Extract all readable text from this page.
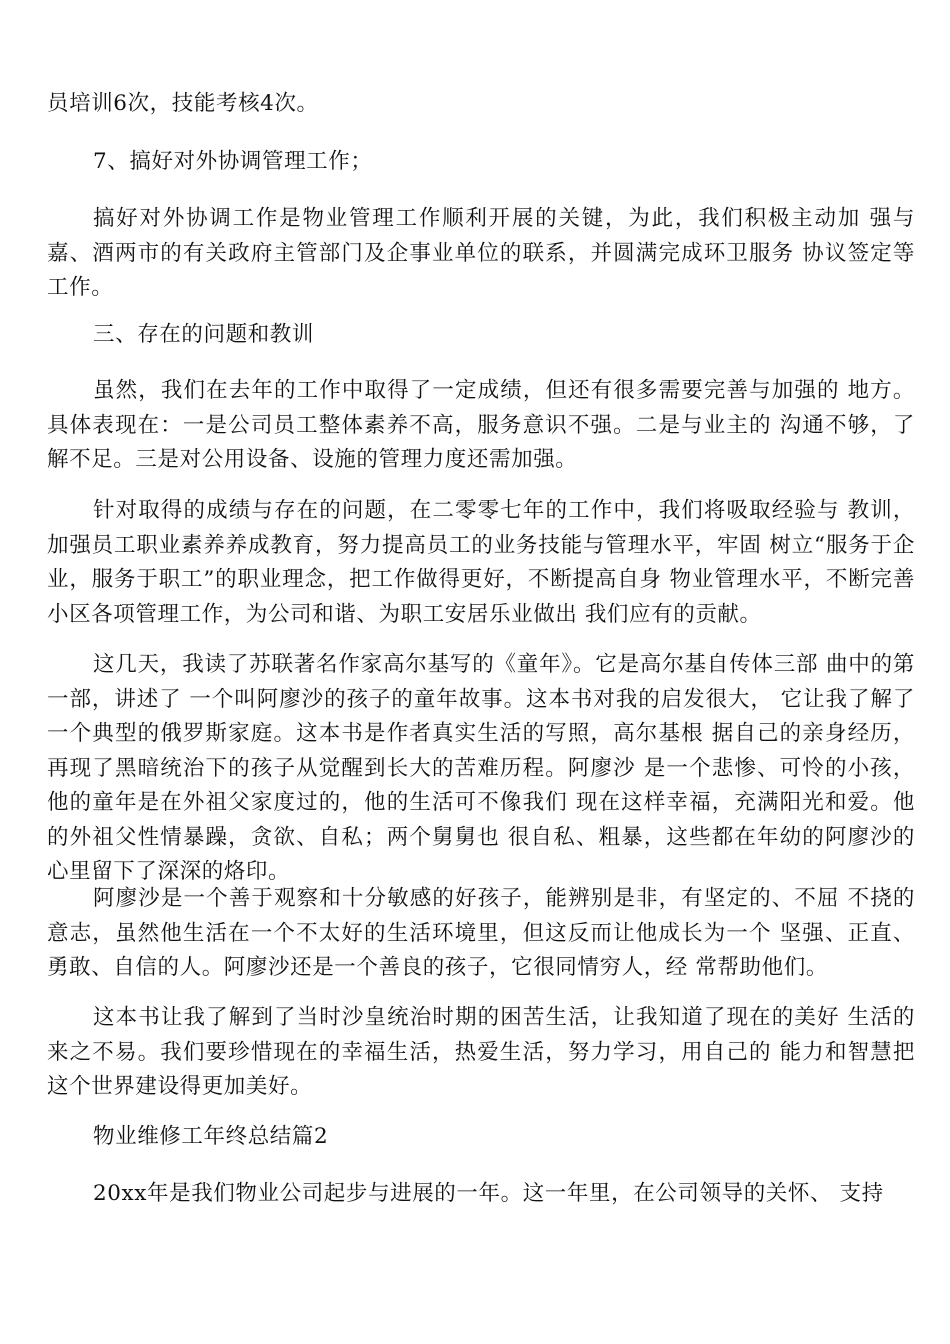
员培训6次，技能考核4次。

7、搞好对外协调管理工作；

搞好对外协调工作是物业管理工作顺利开展的关键，为此，我们积极主动加 强与嘉、酒两市的有关政府主管部门及企事业单位的联系，并圆满完成环卫服务 协议签定等工作。

三、存在的问题和教训

虽然，我们在去年的工作中取得了一定成绩，但还有很多需要完善与加强的 地方。具体表现在：一是公司员工整体素养不高，服务意识不强。二是与业主的 沟通不够，了解不足。三是对公用设备、设施的管理力度还需加强。

针对取得的成绩与存在的问题，在二零零七年的工作中，我们将吸取经验与 教训，加强员工职业素养养成教育，努力提高员工的业务技能与管理水平，牢固 树立“服务于企业，服务于职工”的职业理念，把工作做得更好，不断提高自身 物业管理水平，不断完善小区各项管理工作，为公司和谐、为职工安居乐业做出 我们应有的贡献。

这几天，我读了苏联著名作家高尔基写的《童年》。它是高尔基自传体三部 曲中的第一部，讲述了 一个叫阿廖沙的孩子的童年故事。这本书对我的启发很大， 它让我了解了一个典型的俄罗斯家庭。这本书是作者真实生活的写照，高尔基根 据自己的亲身经历，再现了黑暗统治下的孩子从觉醒到长大的苦难历程。阿廖沙 是一个悲惨、可怜的小孩，他的童年是在外祖父家度过的，他的生活可不像我们 现在这样幸福，充满阳光和爱。他的外祖父性情暴躁，贪欲、自私；两个舅舅也 很自私、粗暴，这些都在年幼的阿廖沙的心里留下了深深的烙印。

阿廖沙是一个善于观察和十分敏感的好孩子，能辨别是非，有坚定的、不屈 不挠的意志，虽然他生活在一个不太好的生活环境里，但这反而让他成长为一个 坚强、正直、勇敢、自信的人。阿廖沙还是一个善良的孩子，它很同情穷人，经 常帮助他们。

这本书让我了解到了当时沙皇统治时期的困苦生活，让我知道了现在的美好 生活的来之不易。我们要珍惜现在的幸福生活，热爱生活，努力学习，用自己的 能力和智慧把这个世界建设得更加美好。

物业维修工年终总结篇2

20xx年是我们物业公司起步与进展的一年。这一年里，在公司领导的关怀、 支持
